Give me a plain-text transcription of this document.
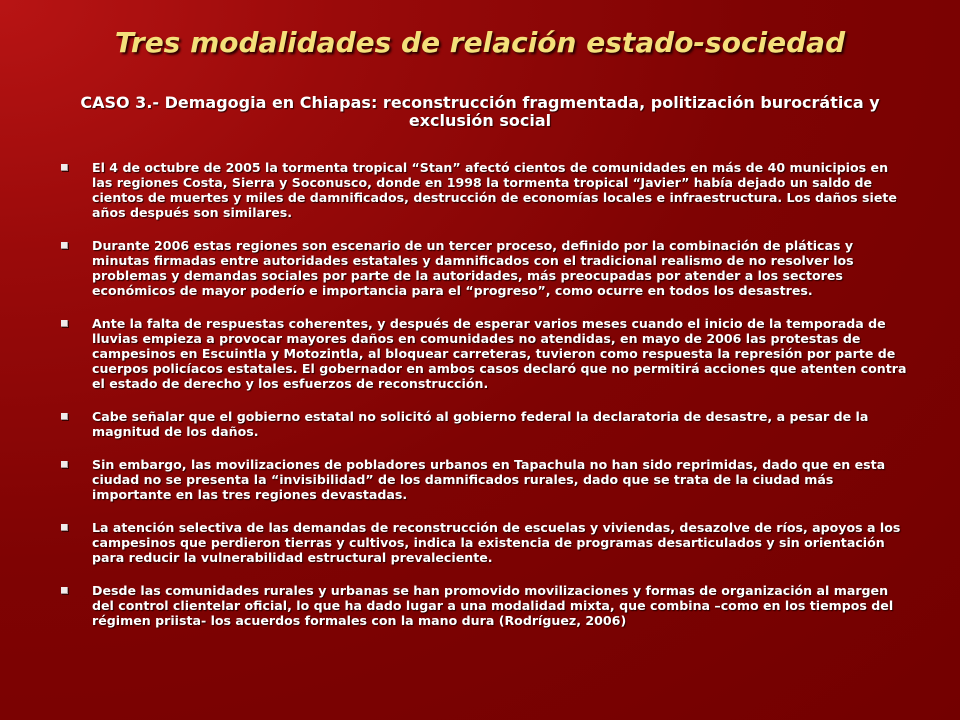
Tres modalidades de relación estado-sociedad

CASO 3.- Demagogia en Chiapas: reconstrucción fragmentada, politización burocrática y exclusión social

El 4 de octubre de 2005 la tormenta tropical “Stan” afectó cientos de comunidades en más de 40 municipios en las regiones Costa, Sierra y Soconusco, donde en 1998 la tormenta tropical “Javier” había dejado un saldo de cientos de muertes y miles de damnificados, destrucción de economías locales e infraestructura. Los daños siete años después son similares.
Durante 2006 estas regiones son escenario de un tercer proceso, definido por la combinación de pláticas y minutas firmadas entre autoridades estatales y damnificados con el tradicional realismo de no resolver los problemas y demandas sociales por parte de la autoridades, más preocupadas por atender a los sectores económicos de mayor poderío e importancia para el “progreso”, como ocurre en todos los desastres.
Ante la falta de respuestas coherentes, y después de esperar varios meses cuando el inicio de la temporada de lluvias empieza a provocar mayores daños en comunidades no atendidas, en mayo de 2006 las protestas de campesinos en Escuintla y Motozintla, al bloquear carreteras, tuvieron como respuesta la represión por parte de cuerpos policíacos estatales. El gobernador en ambos casos declaró que no permitirá acciones que atenten contra el estado de derecho y los esfuerzos de reconstrucción.
Cabe señalar que el gobierno estatal no solicitó al gobierno federal la declaratoria de desastre, a pesar de la magnitud de los daños.
Sin embargo, las movilizaciones de pobladores urbanos en Tapachula no han sido reprimidas, dado que en esta ciudad no se presenta la “invisibilidad” de los damnificados rurales, dado que se trata de la ciudad más importante en las tres regiones devastadas.
La atención selectiva de las demandas de reconstrucción de escuelas y viviendas, desazolve de ríos, apoyos a los campesinos que perdieron tierras y cultivos, indica la existencia de programas desarticulados y sin orientación para reducir la vulnerabilidad estructural prevaleciente.
Desde las comunidades rurales y urbanas se han promovido movilizaciones y formas de organización al margen del control clientelar oficial, lo que ha dado lugar a una modalidad mixta, que combina –como en los tiempos del régimen priista- los acuerdos formales con la mano dura (Rodríguez, 2006)
